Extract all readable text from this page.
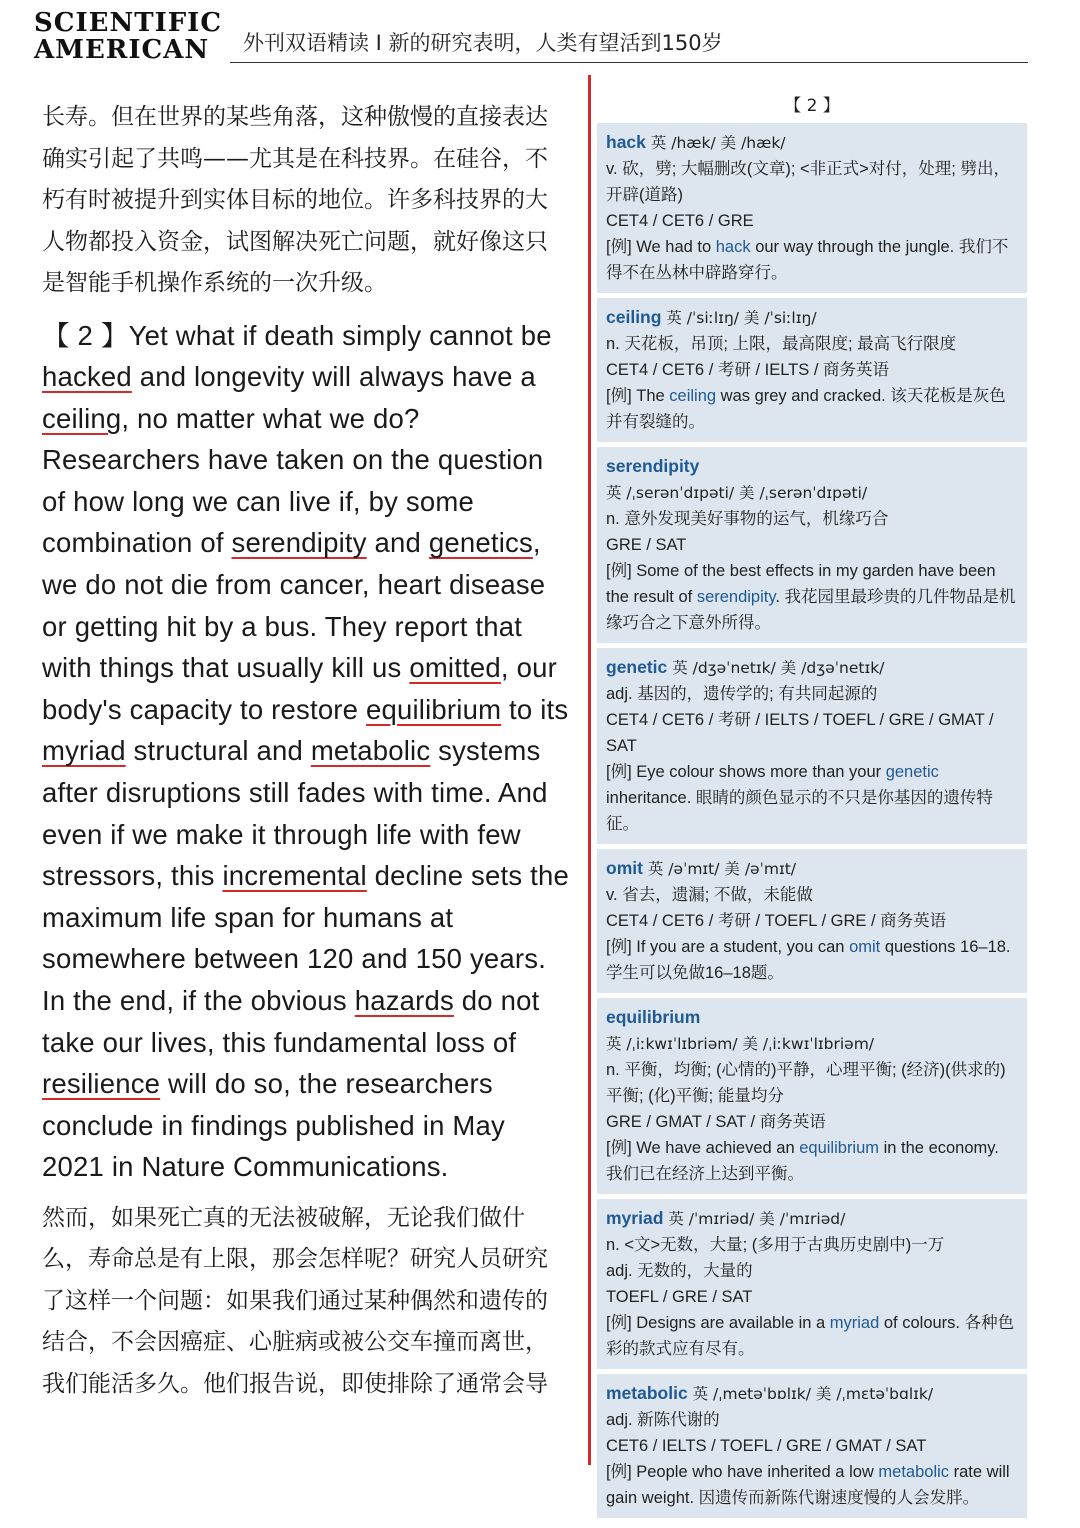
SCIENTIFIC
AMERICAN	外刊双语精读 I 新的研究表明，人类有望活到150岁

长寿。但在世界的某些角落，这种傲慢的直接表达确实引起了共鸣——尤其是在科技界。在硅谷，不朽有时被提升到实体目标的地位。许多科技界的大人物都投入资金，试图解决死亡问题，就好像这只是智能手机操作系统的一次升级。

【 2 】Yet what if death simply cannot be hacked and longevity will always have a ceiling, no matter what we do? Researchers have taken on the question of how long we can live if, by some combination of serendipity and genetics, we do not die from cancer, heart disease or getting hit by a bus. They report that with things that usually kill us omitted, our body's capacity to restore equilibrium to its myriad structural and metabolic systems after disruptions still fades with time. And even if we make it through life with few stressors, this incremental decline sets the maximum life span for humans at somewhere between 120 and 150 years. In the end, if the obvious hazards do not take our lives, this fundamental loss of resilience will do so, the researchers conclude in findings published in May 2021 in Nature Communications.

然而，如果死亡真的无法被破解，无论我们做什么，寿命总是有上限，那会怎样呢？研究人员研究了这样一个问题：如果我们通过某种偶然和遗传的结合，不会因癌症、心脏病或被公交车撞而离世，我们能活多久。他们报告说，即使排除了通常会导

【 2 】
hack 英 /hæk/ 美 /hæk/
v. 砍，劈; 大幅删改(文章); <非正式>对付，处理; 劈出，开辟(道路)
CET4 / CET6 / GRE
[例] We had to hack our way through the jungle. 我们不得不在丛林中辟路穿行。
ceiling 英 /ˈsiːlɪŋ/ 美 /ˈsiːlɪŋ/
n. 天花板，吊顶; 上限，最高限度; 最高飞行限度
CET4 / CET6 / 考研 / IELTS / 商务英语
[例] The ceiling was grey and cracked. 该天花板是灰色并有裂缝的。
serendipity
英 /ˌserənˈdɪpəti/ 美 /ˌserənˈdɪpəti/
n. 意外发现美好事物的运气，机缘巧合
GRE / SAT
[例] Some of the best effects in my garden have been the result of serendipity. 我花园里最珍贵的几件物品是机缘巧合之下意外所得。
genetic 英 /dʒəˈnetɪk/ 美 /dʒəˈnetɪk/
adj. 基因的，遗传学的; 有共同起源的
CET4 / CET6 / 考研 / IELTS / TOEFL / GRE / GMAT / SAT
[例] Eye colour shows more than your genetic inheritance. 眼睛的颜色显示的不只是你基因的遗传特征。
omit 英 /əˈmɪt/ 美 /əˈmɪt/
v. 省去，遗漏; 不做，未能做
CET4 / CET6 / 考研 / TOEFL / GRE / 商务英语
[例] If you are a student, you can omit questions 16–18. 学生可以免做16–18题。
equilibrium
英 /ˌiːkwɪˈlɪbriəm/ 美 /ˌiːkwɪˈlɪbriəm/
n. 平衡，均衡; (心情的)平静，心理平衡; (经济)(供求的)平衡; (化)平衡; 能量均分
GRE / GMAT / SAT / 商务英语
[例] We have achieved an equilibrium in the economy. 我们已在经济上达到平衡。
myriad 英 /ˈmɪriəd/ 美 /ˈmɪriəd/
n. <文>无数，大量; (多用于古典历史剧中)一万
adj. 无数的，大量的
TOEFL / GRE / SAT
[例] Designs are available in a myriad of colours. 各种色彩的款式应有尽有。
metabolic 英 /ˌmetəˈbɒlɪk/ 美 /ˌmɛtəˈbɑlɪk/
adj. 新陈代谢的
CET6 / IELTS / TOEFL / GRE / GMAT / SAT
[例] People who have inherited a low metabolic rate will gain weight. 因遗传而新陈代谢速度慢的人会发胖。
